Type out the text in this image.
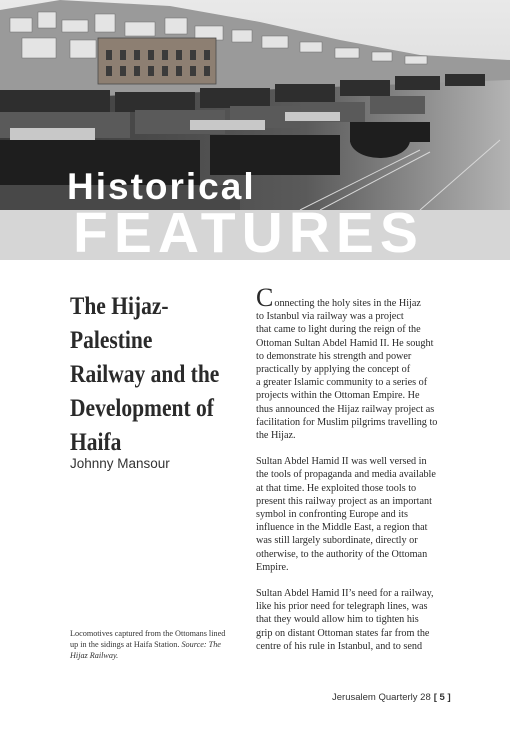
Historical
FEATURES
The Hijaz-
Palestine
Railway and the
Development of
Haifa
Johnny Mansour
Locomotives captured from the Ottomans lined up in the sidings at Haifa Station. Source: The Hijaz Railway.

C onnecting the holy sites in the Hijaz
to Istanbul via railway was a project
that came to light during the reign of the
Ottoman Sultan Abdel Hamid II. He sought
to demonstrate his strength and power
practically by applying the concept of
a greater Islamic community to a series of
projects within the Ottoman Empire. He
thus announced the Hijaz railway project as
facilitation for Muslim pilgrims travelling to
the Hijaz.

Sultan Abdel Hamid II was well versed in
the tools of propaganda and media available
at that time. He exploited those tools to
present this railway project as an important
symbol in confronting Europe and its
influence in the Middle East, a region that
was still largely subordinate, directly or
otherwise, to the authority of the Ottoman
Empire.

Sultan Abdel Hamid II’s need for a railway,
like his prior need for telegraph lines, was
that they would allow him to tighten his
grip on distant Ottoman states far from the
centre of his rule in Istanbul, and to send

Jerusalem Quarterly 28 [ 5 ]
